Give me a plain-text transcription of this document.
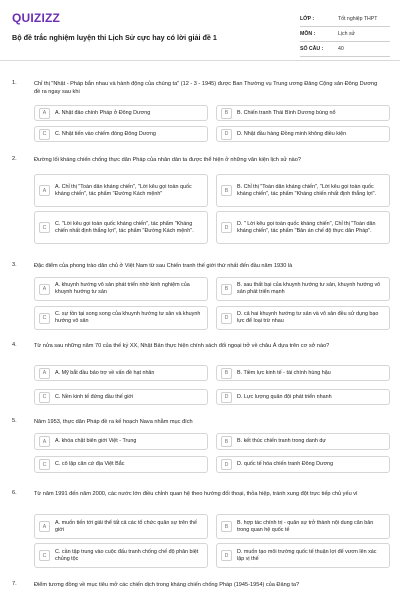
QUIZIZZ
Bộ đề trắc nghiệm luyện thi Lịch Sử cực hay có lời giải đề 1
LỚP :	Tốt nghiệp THPT
MÔN :	Lịch sử
SỐ CÂU :	40
1.	Chỉ thị "Nhật - Pháp bắn nhau và hành động của chúng ta" (12 - 3 - 1945) được Ban Thường vụ Trung ương Đảng Cộng sản Đông Dương đề ra ngay sau khi
A	A. Nhật đảo chính Pháp ở Đông Dương	B	B. Chiến tranh Thái Bình Dương bùng nổ
C	C. Nhật tiến vào chiếm đóng Đông Dương	D	D. Nhật đầu hàng Đồng minh không điều kiện
2.	Đường lối kháng chiến chống thực dân Pháp của nhân dân ta được thể hiện ở những văn kiện lịch sử nào?
A
A. Chỉ thị "Toàn dân kháng chiến", "Lời kêu gọi toàn quốc kháng chiến", tác phẩm "Đường Kách mệnh"	B
B. Chỉ thị "Toàn dân kháng chiến", "Lời kêu gọi toàn quốc kháng chiến", tác phẩm "Kháng chiến nhất định thắng lợi".
C
C. "Lời kêu gọi toàn quốc kháng chiến", tác phẩm "Kháng chiến nhất định thắng lợi", tác phẩm "Đường Kách mệnh".	D
D. " Lời kêu gọi toàn quốc kháng chiến", Chỉ thị "Toàn dân kháng chiến", tác phẩm "Bản án chế độ thực dân Pháp".
3.	Đặc điểm của phong trào dân chủ ở Việt Nam từ sau Chiến tranh thế giới thứ nhất đến đầu năm 1930 là
A
A. khuynh hướng vô sản phát triển nhờ kinh nghiệm của khuynh hướng tư sản	B
B. sau thất bại của khuynh hướng tư sản, khuynh hướng vô sản phát triển mạnh
C
C. sự tồn tại song song của khuynh hướng tư sản và khuynh hướng vô sản	D
D. cả hai khuynh hướng tư sản và vô sản đều sử dụng bạo lực để loại trừ nhau
4.	Từ nửa sau những năm 70 của thế kỷ XX, Nhật Bản thực hiện chính sách đối ngoại trở về châu Á dựa trên cơ sở nào?
A	A. Mỹ bắt đầu bảo trợ về vấn đề hạt nhân	B	B. Tiềm lực kinh tế - tài chính hùng hậu
C	C. Nền kinh tế đứng đầu thế giới	D	D. Lực lượng quân đội phát triển nhanh
5.	Năm 1953, thực dân Pháp đề ra kế hoạch Nava nhằm mục đích
A	A. khóa chặt biên giới Việt - Trung	B	B. kết thúc chiến tranh trong danh dự
C	C. cô lập căn cứ địa Việt Bắc	D	D. quốc tế hóa chiến tranh Đông Dương
6.	Từ năm 1991 đến năm 2000, các nước lớn điều chỉnh quan hệ theo hướng đối thoại, thỏa hiệp, tránh xung đột trực tiếp chủ yếu vì
A
A. muốn tiến tới giải thể tất cả các tổ chức quân sự trên thế giới	B
B. hợp tác chính trị - quân sự trở thành nội dung căn bản trong quan hệ quốc tế
C
C. cần tập trung vào cuộc đấu tranh chống chế độ phân biệt chủng tộc	D
D. muốn tạo môi trường quốc tế thuận lợi để vươn lên xác lập vị thế
7.	Điểm tương đồng về mục tiêu mở các chiến dịch trong kháng chiến chống Pháp (1945-1954) của Đảng ta?
